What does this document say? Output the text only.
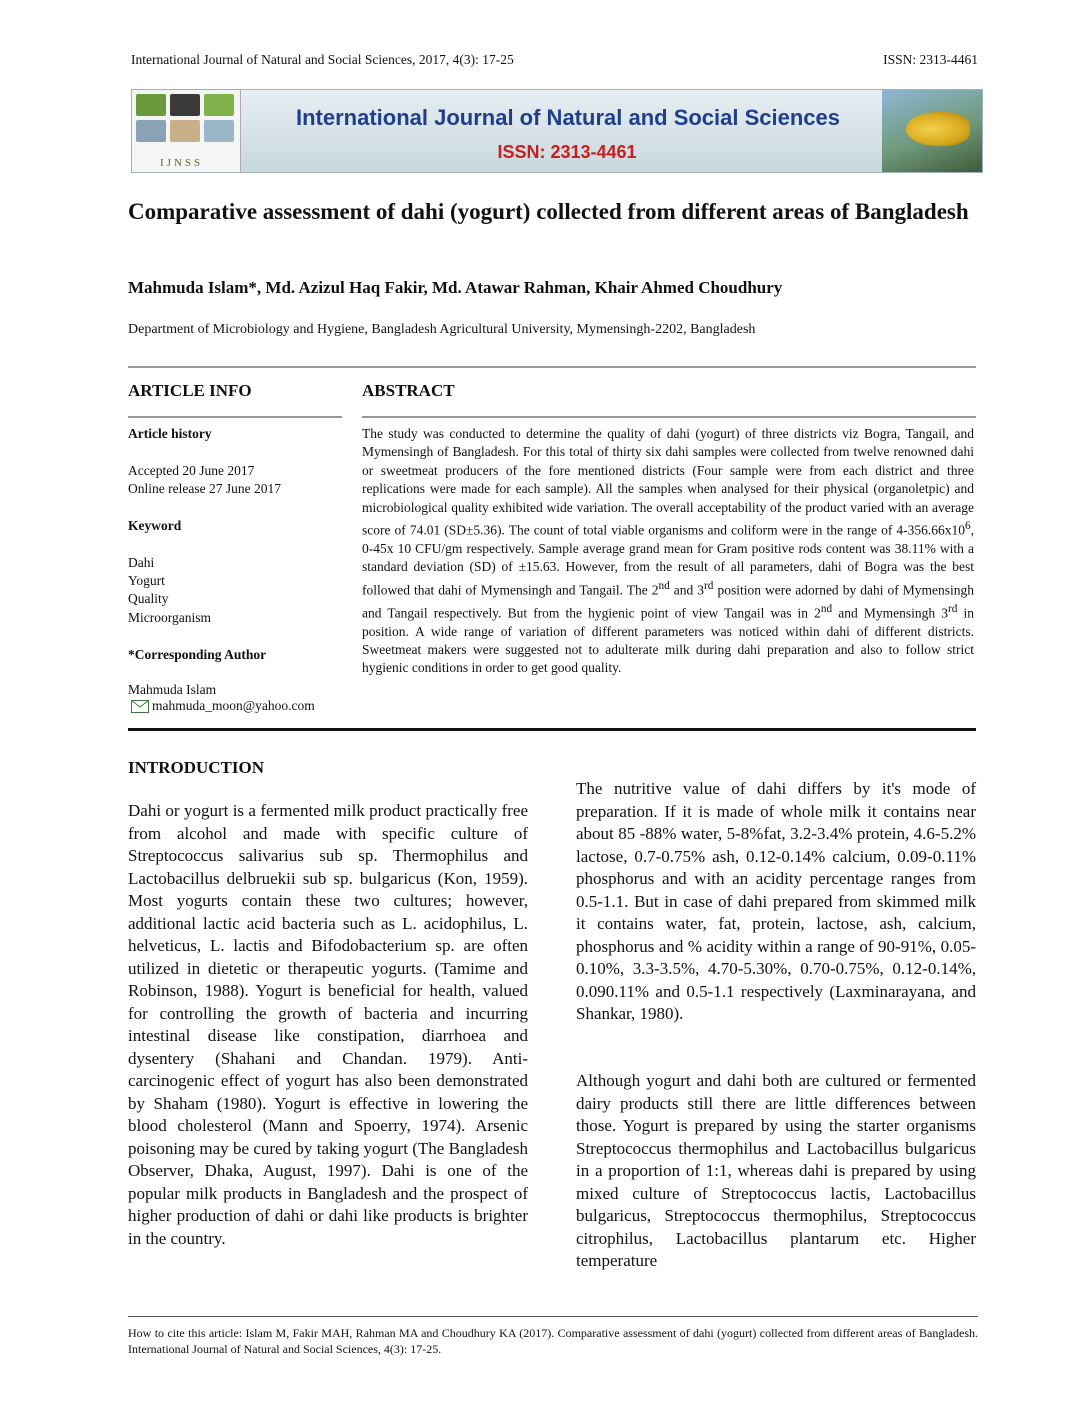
International Journal of Natural and Social Sciences, 2017, 4(3): 17-25	ISSN: 2313-4461
IJNSS
International Journal of Natural and Social Sciences
ISSN: 2313-4461
Comparative assessment of dahi (yogurt) collected from different areas of Bangladesh
Mahmuda Islam*, Md. Azizul Haq Fakir, Md. Atawar Rahman, Khair Ahmed Choudhury
Department of Microbiology and Hygiene, Bangladesh Agricultural University, Mymensingh-2202, Bangladesh
ARTICLE INFO
Article history
Accepted 20 June 2017
Online release 27 June 2017
Keyword
Dahi
Yogurt
Quality
Microorganism
*Corresponding Author
Mahmuda Islam
mahmuda_moon@yahoo.com
ABSTRACT
The study was conducted to determine the quality of dahi (yogurt) of three districts viz Bogra, Tangail, and Mymensingh of Bangladesh. For this total of thirty six dahi samples were collected from twelve renowned dahi or sweetmeat producers of the fore mentioned districts (Four sample were from each district and three replications were made for each sample). All the samples when analysed for their physical (organoletpic) and microbiological quality exhibited wide variation. The overall acceptability of the product varied with an average score of 74.01 (SD±5.36). The count of total viable organisms and coliform were in the range of $4-356.66x10^6$, 0-45x 10 CFU/gm respectively. Sample average grand mean for Gram positive rods content was 38.11% with a standard deviation (SD) of ±15.63. However, from the result of all parameters, dahi of Bogra was the best followed that dahi of Mymensingh and Tangail. The 2nd and 3rd position were adorned by dahi of Mymensingh and Tangail respectively. But from the hygienic point of view Tangail was in 2nd and Mymensingh 3rd in position. A wide range of variation of different parameters was noticed within dahi of different districts. Sweetmeat makers were suggested not to adulterate milk during dahi preparation and also to follow strict hygienic conditions in order to get good quality.
INTRODUCTION
Dahi or yogurt is a fermented milk product practically free from alcohol and made with specific culture of Streptococcus salivarius sub sp. Thermophilus and Lactobacillus delbruekii sub sp. bulgaricus (Kon, 1959). Most yogurts contain these two cultures; however, additional lactic acid bacteria such as L. acidophilus, L. helveticus, L. lactis and Bifodobacterium sp. are often utilized in dietetic or therapeutic yogurts. (Tamime and Robinson, 1988). Yogurt is beneficial for health, valued for controlling the growth of bacteria and incurring intestinal disease like constipation, diarrhoea and dysentery (Shahani and Chandan. 1979). Anti-carcinogenic effect of yogurt has also been demonstrated by Shaham (1980). Yogurt is effective in lowering the blood cholesterol (Mann and Spoerry, 1974). Arsenic poisoning may be cured by taking yogurt (The Bangladesh Observer, Dhaka, August, 1997). Dahi is one of the popular milk products in Bangladesh and the prospect of higher production of dahi or dahi like products is brighter in the country.
The nutritive value of dahi differs by it's mode of preparation. If it is made of whole milk it contains near about 85 -88% water, 5-8%fat, 3.2-3.4% protein, 4.6-5.2% lactose, 0.7-0.75% ash, 0.12-0.14% calcium, 0.09-0.11% phosphorus and with an acidity percentage ranges from 0.5-1.1. But in case of dahi prepared from skimmed milk it contains water, fat, protein, lactose, ash, calcium, phosphorus and % acidity within a range of 90-91%, 0.05-0.10%, 3.3-3.5%, 4.70-5.30%, 0.70-0.75%, 0.12-0.14%, 0.090.11% and 0.5-1.1 respectively (Laxminarayana, and Shankar, 1980).
Although yogurt and dahi both are cultured or fermented dairy products still there are little differences between those. Yogurt is prepared by using the starter organisms Streptococcus thermophilus and Lactobacillus bulgaricus in a proportion of 1:1, whereas dahi is prepared by using mixed culture of Streptococcus lactis, Lactobacillus bulgaricus, Streptococcus thermophilus, Streptococcus citrophilus, Lactobacillus plantarum etc. Higher temperature
How to cite this article: Islam M, Fakir MAH, Rahman MA and Choudhury KA (2017). Comparative assessment of dahi (yogurt) collected from different areas of Bangladesh. International Journal of Natural and Social Sciences, 4(3): 17-25.
